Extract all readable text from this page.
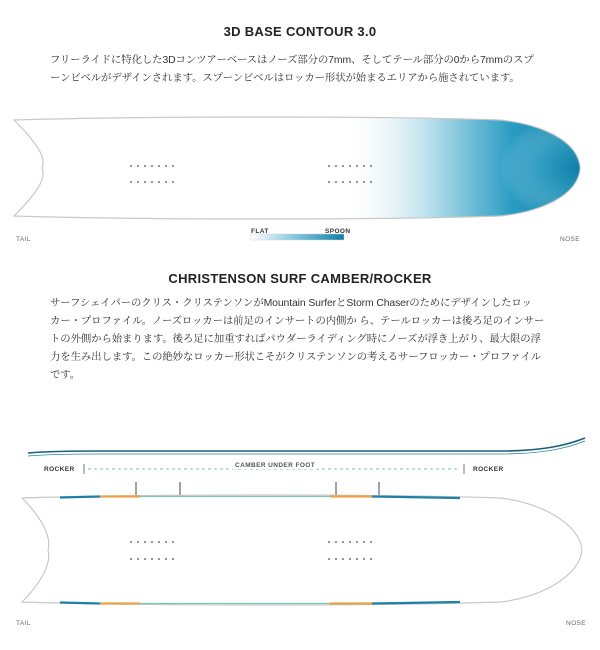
3D BASE CONTOUR 3.0
フリーライドに特化した3Dコンツアーベースはノーズ部分の7mm、そしてテール部分の0から7mmのスプ
ーンビベルがデザインされます。スプーンビベルはロッカー形状が始まるエリアから施されています。
FLAT	SPOON
TAIL	NOSE
CHRISTENSON SURF CAMBER/ROCKER
サーフシェイパーのクリス・クリステンソンがMountain SurferとStorm Chaserのためにデザインしたロッ
カー・プロファイル。ノーズロッカーは前足のインサートの内側か ら、テールロッカーは後ろ足のインサー
トの外側から始まります。後ろ足に加重すればパウダーライディング時にノーズが浮き上がり、最大限の浮
力を生み出します。この絶妙なロッカー形状こそがクリステンソンの考えるサーフロッカー・プロファイル
です。
ROCKER	ROCKER
CAMBER UNDER FOOT
TAIL	NOSE
